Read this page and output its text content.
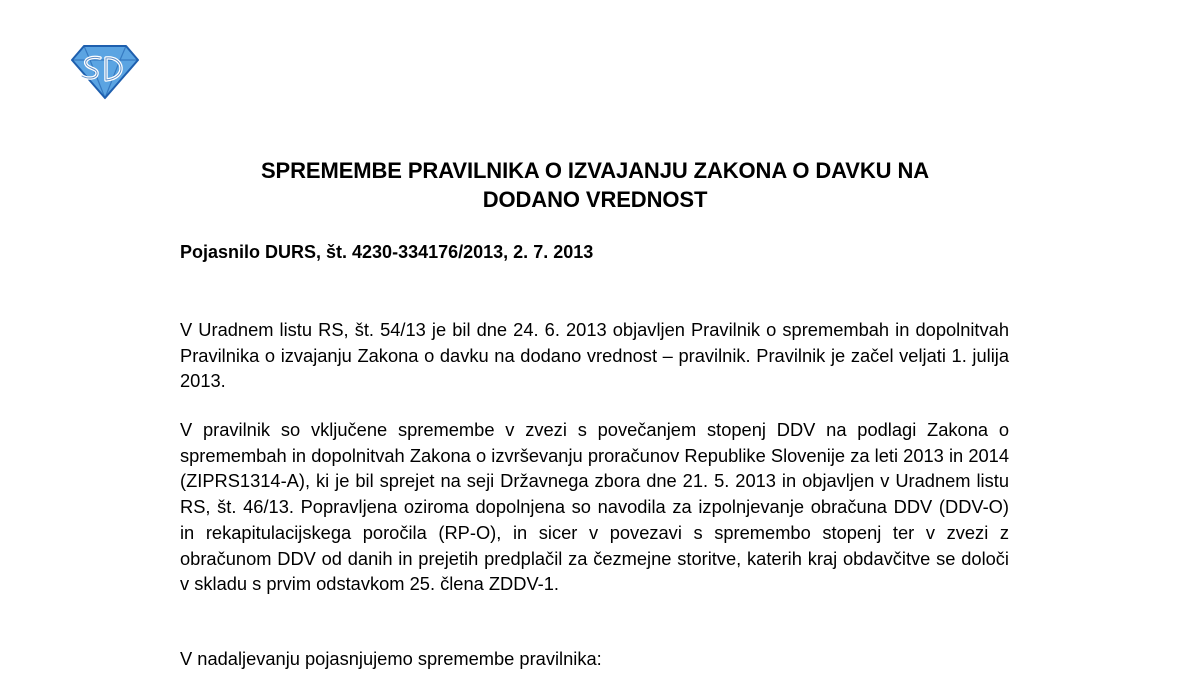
SPREMEMBE PRAVILNIKA O IZVAJANJU ZAKONA O DAVKU NA
DODANO VREDNOST
Pojasnilo DURS, št. 4230-334176/2013, 2. 7. 2013
V Uradnem listu RS, št. 54/13 je bil dne 24. 6. 2013 objavljen Pravilnik o spremembah in dopolnitvah Pravilnika o izvajanju Zakona o davku na dodano vrednost – pravilnik. Pravilnik je začel veljati 1. julija 2013.
V pravilnik so vključene spremembe v zvezi s povečanjem stopenj DDV na podlagi Zakona o spremembah in dopolnitvah Zakona o izvrševanju proračunov Republike Slovenije za leti 2013 in 2014 (ZIPRS1314-A), ki je bil sprejet na seji Državnega zbora dne 21. 5. 2013 in objavljen v Uradnem listu RS, št. 46/13. Popravljena oziroma dopolnjena so navodila za izpolnjevanje obračuna DDV (DDV-O) in rekapitulacijskega poročila (RP-O), in sicer v povezavi s spremembo stopenj ter v zvezi z obračunom DDV od danih in prejetih predplačil za čezmejne storitve, katerih kraj obdavčitve se določi v skladu s prvim odstavkom 25. člena ZDDV-1.
V nadaljevanju pojasnjujemo spremembe pravilnika:
